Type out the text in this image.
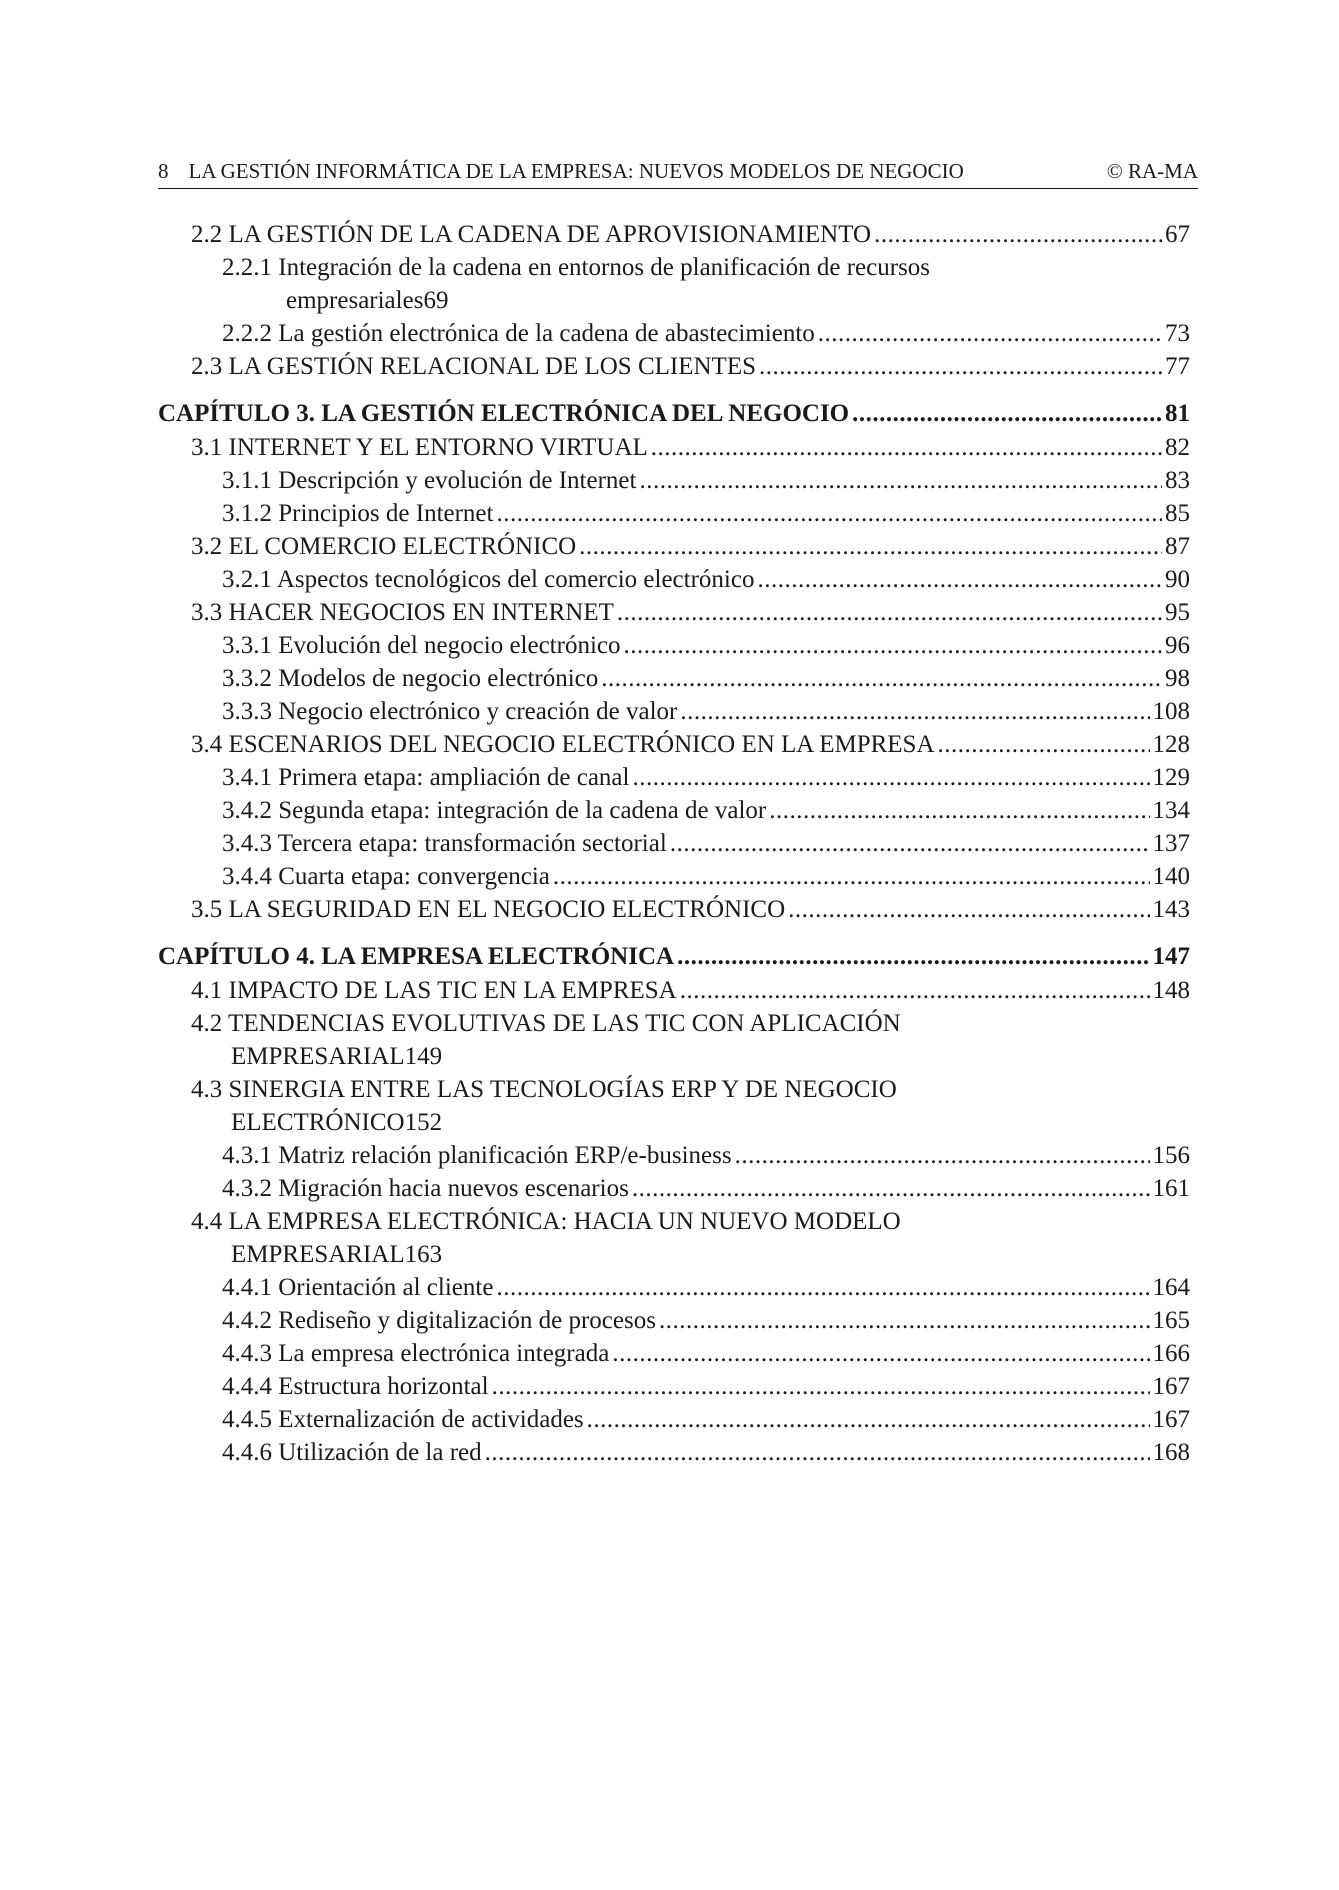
8 LA GESTIÓN INFORMÁTICA DE LA EMPRESA: NUEVOS MODELOS DE NEGOCIO	© RA-MA
2.2 LA GESTIÓN DE LA CADENA DE APROVISIONAMIENTO .....	67
2.2.1 Integración de la cadena en entornos de planificación de recursos
empresariales 69
2.2.2 La gestión electrónica de la cadena de abastecimiento .....	73
2.3 LA GESTIÓN RELACIONAL DE LOS CLIENTES .....	77
CAPÍTULO 3. LA GESTIÓN ELECTRÓNICA DEL NEGOCIO .....	81
3.1 INTERNET Y EL ENTORNO VIRTUAL .....	82
3.1.1 Descripción y evolución de Internet .....	83
3.1.2 Principios de Internet .....	85
3.2 EL COMERCIO ELECTRÓNICO .....	87
3.2.1 Aspectos tecnológicos del comercio electrónico .....	90
3.3 HACER NEGOCIOS EN INTERNET .....	95
3.3.1 Evolución del negocio electrónico .....	96
3.3.2 Modelos de negocio electrónico .....	98
3.3.3 Negocio electrónico y creación de valor .....	108
3.4 ESCENARIOS DEL NEGOCIO ELECTRÓNICO EN LA EMPRESA .....	128
3.4.1 Primera etapa: ampliación de canal .....	129
3.4.2 Segunda etapa: integración de la cadena de valor .....	134
3.4.3 Tercera etapa: transformación sectorial .....	137
3.4.4 Cuarta etapa: convergencia .....	140
3.5 LA SEGURIDAD EN EL NEGOCIO ELECTRÓNICO .....	143
CAPÍTULO 4. LA EMPRESA ELECTRÓNICA .....	147
4.1 IMPACTO DE LAS TIC EN LA EMPRESA .....	148
4.2 TENDENCIAS EVOLUTIVAS DE LAS TIC CON APLICACIÓN
EMPRESARIAL 149
4.3 SINERGIA ENTRE LAS TECNOLOGÍAS ERP Y DE NEGOCIO
ELECTRÓNICO 152
4.3.1 Matriz relación planificación ERP/e-business .....	156
4.3.2 Migración hacia nuevos escenarios .....	161
4.4 LA EMPRESA ELECTRÓNICA: HACIA UN NUEVO MODELO
EMPRESARIAL 163
4.4.1 Orientación al cliente .....	164
4.4.2 Rediseño y digitalización de procesos .....	165
4.4.3 La empresa electrónica integrada .....	166
4.4.4 Estructura horizontal .....	167
4.4.5 Externalización de actividades .....	167
4.4.6 Utilización de la red .....	168
